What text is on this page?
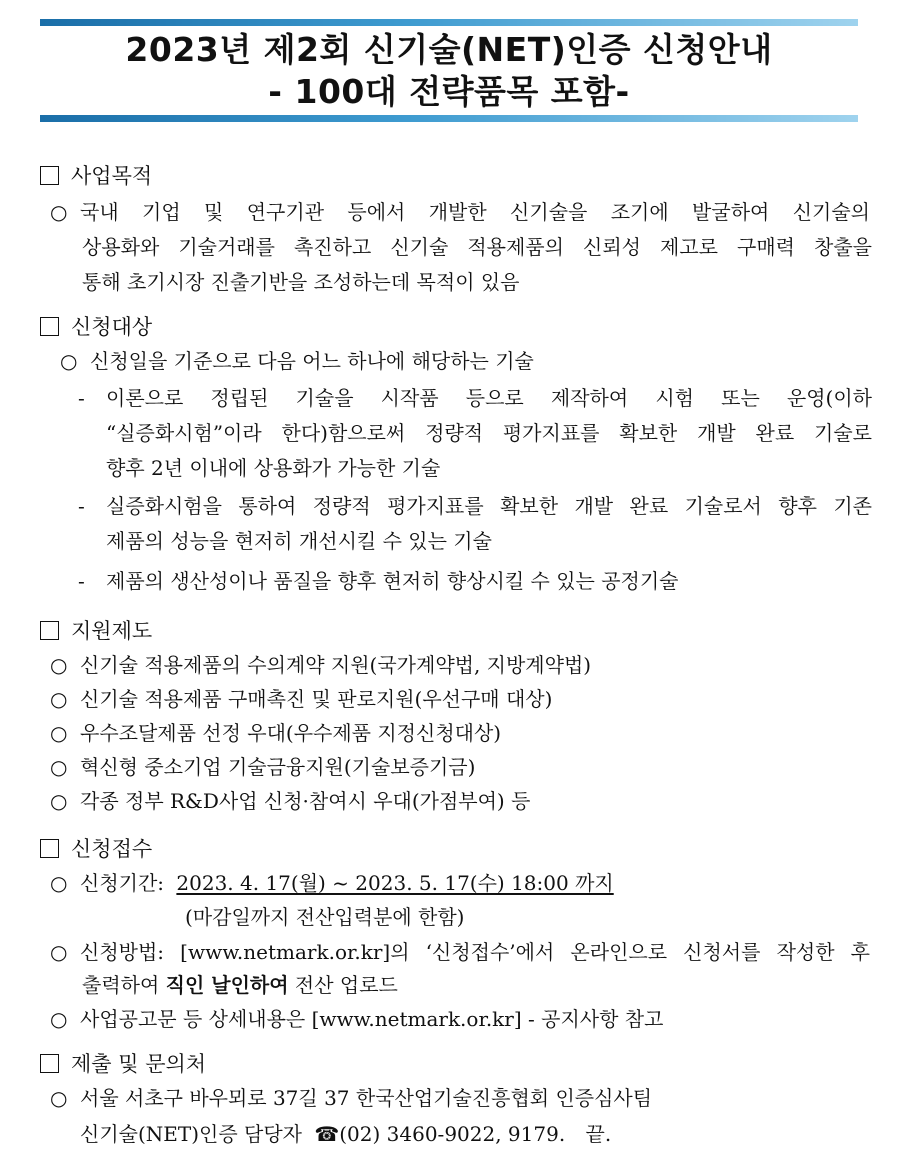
2023년 제2회 신기술(NET)인증 신청안내
- 100대 전략품목 포함-
사업목적
○ 국내 기업 및 연구기관 등에서 개발한 신기술을 조기에 발굴하여 신기술의
상용화와 기술거래를 촉진하고 신기술 적용제품의 신뢰성 제고로 구매력 창출을
통해 초기시장 진출기반을 조성하는데 목적이 있음
신청대상
○ 신청일을 기준으로 다음 어느 하나에 해당하는 기술
- 이론으로 정립된 기술을 시작품 등으로 제작하여 시험 또는 운영(이하
“실증화시험”이라 한다)함으로써 정량적 평가지표를 확보한 개발 완료 기술로
향후 2년 이내에 상용화가 가능한 기술
- 실증화시험을 통하여 정량적 평가지표를 확보한 개발 완료 기술로서 향후 기존
제품의 성능을 현저히 개선시킬 수 있는 기술
- 제품의 생산성이나 품질을 향후 현저히 향상시킬 수 있는 공정기술
지원제도
○ 신기술 적용제품의 수의계약 지원(국가계약법, 지방계약법)
○ 신기술 적용제품 구매촉진 및 판로지원(우선구매 대상)
○ 우수조달제품 선정 우대(우수제품 지정신청대상)
○ 혁신형 중소기업 기술금융지원(기술보증기금)
○ 각종 정부 R&D사업 신청·참여시 우대(가점부여) 등
신청접수
○ 신청기간: 2023. 4. 17(월) ~ 2023. 5. 17(수) 18:00 까지
(마감일까지 전산입력분에 한함)
○ 신청방법: [www.netmark.or.kr]의 ‘신청접수’에서 온라인으로 신청서를 작성한 후
출력하여 직인 날인하여 전산 업로드
○ 사업공고문 등 상세내용은 [www.netmark.or.kr] - 공지사항 참고
제출 및 문의처
○ 서울 서초구 바우뫼로 37길 37 한국산업기술진흥협회 인증심사팀
신기술(NET)인증 담당자 ☎(02) 3460-9022, 9179. 끝.
